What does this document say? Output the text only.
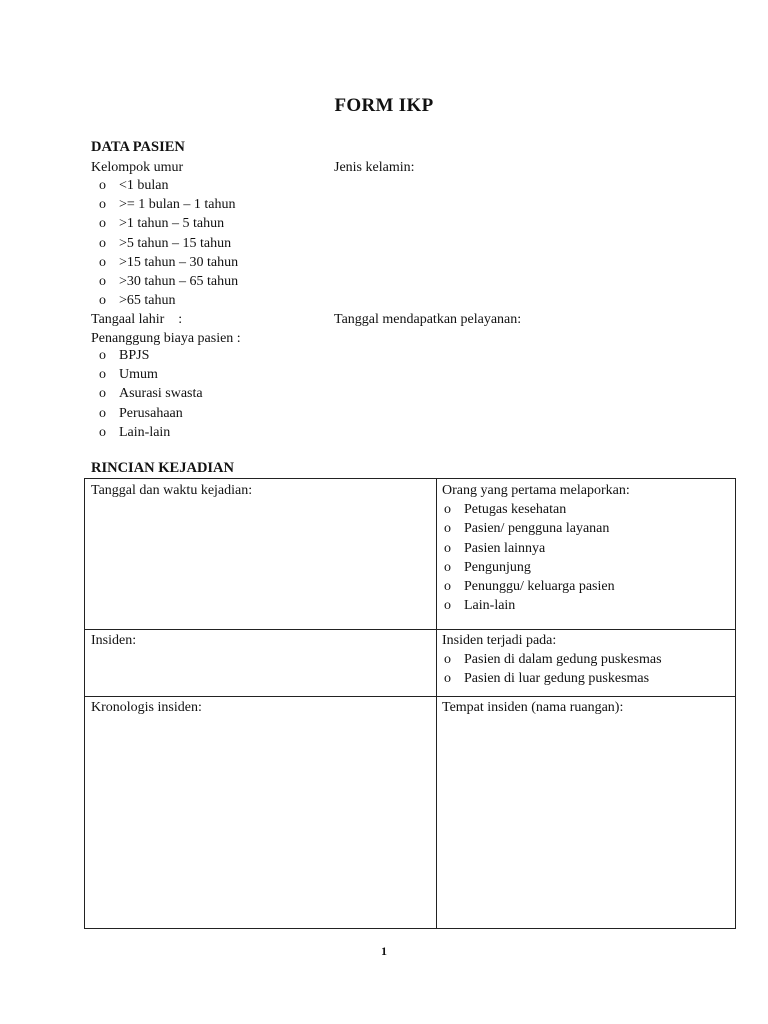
FORM IKP
DATA PASIEN
Kelompok umur	Jenis kelamin:
o <1 bulan
o >= 1 bulan – 1 tahun
o >1 tahun – 5 tahun
o >5 tahun – 15 tahun
o >15 tahun – 30 tahun
o >30 tahun – 65 tahun
o >65 tahun
Tangaal lahir    :	Tanggal mendapatkan pelayanan:
Penanggung biaya pasien :
o BPJS
o Umum
o Asurasi swasta
o Perusahaan
o Lain-lain
RINCIAN KEJADIAN
Tanggal dan waktu kejadian:	Orang yang pertama melaporkan:
o Petugas kesehatan
o Pasien/ pengguna layanan
o Pasien lainnya
o Pengunjung
o Penunggu/ keluarga pasien
o Lain-lain
Insiden:	Insiden terjadi pada:
o Pasien di dalam gedung puskesmas
o Pasien di luar gedung puskesmas
Kronologis insiden:	Tempat insiden (nama ruangan):
1
